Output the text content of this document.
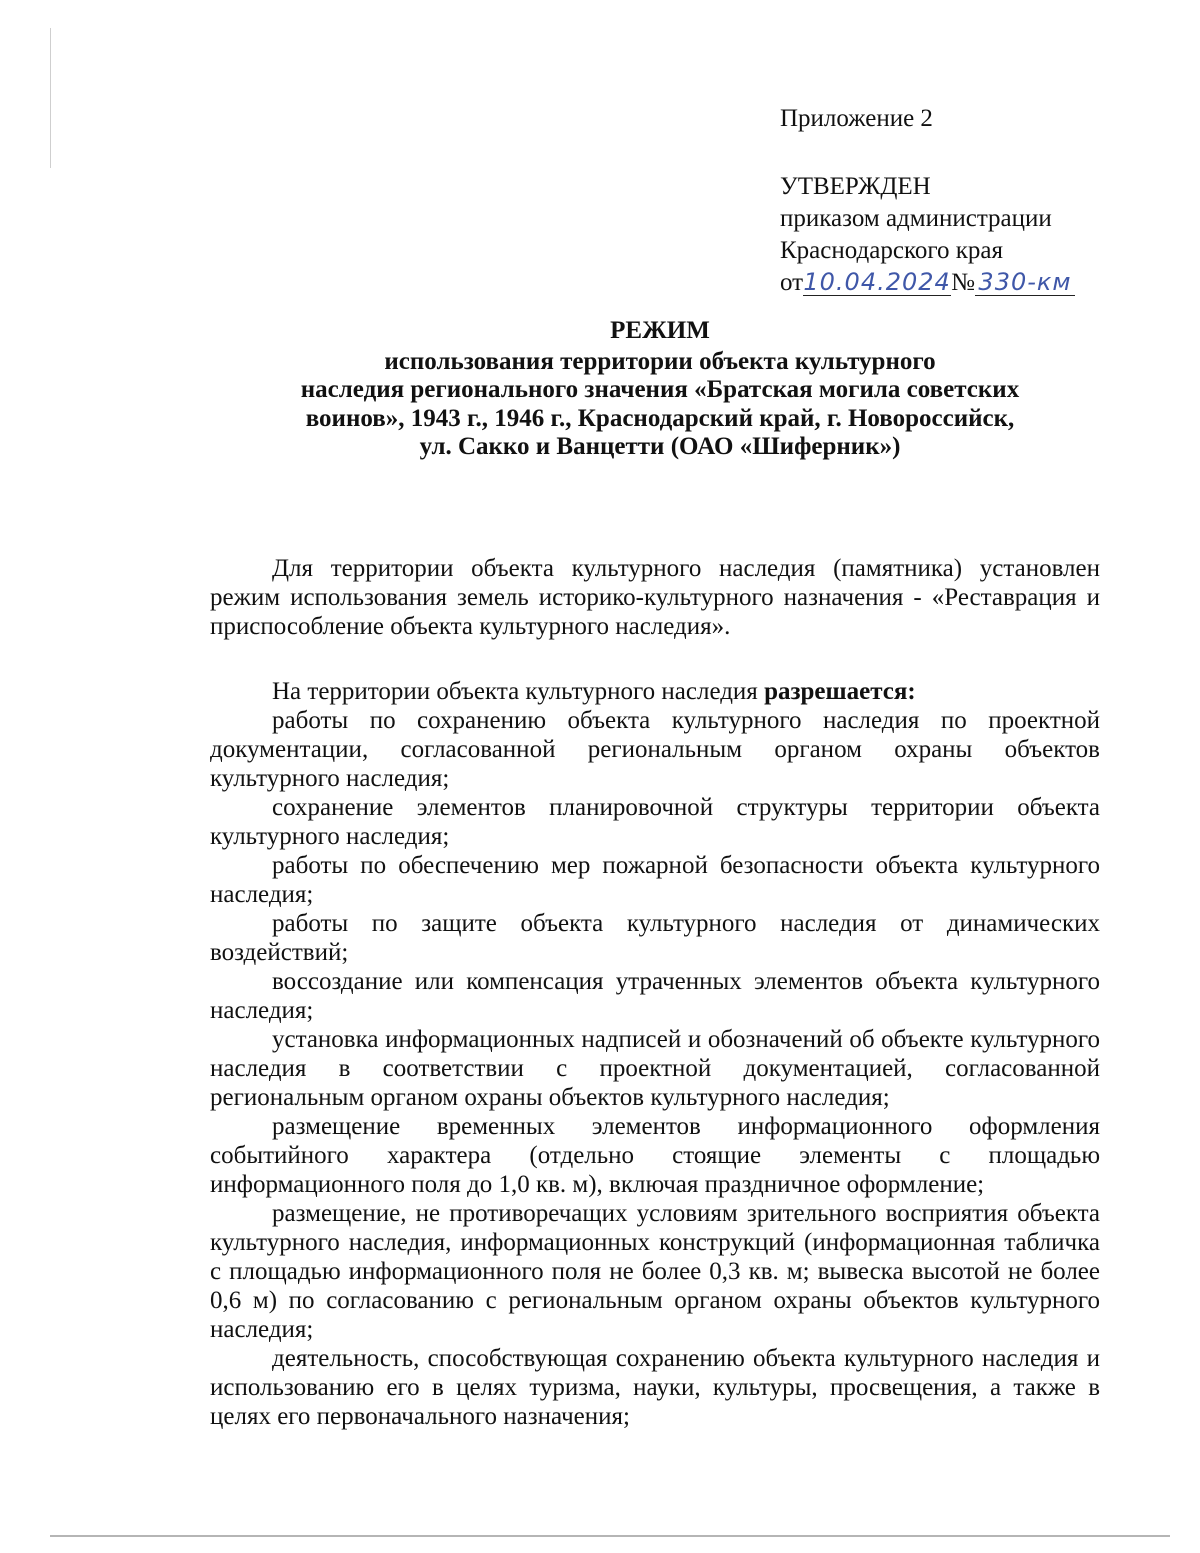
Приложение 2
УТВЕРЖДЕН
приказом администрации
Краснодарского края
от10.04.2024№ 330-км
РЕЖИМ
использования территории объекта культурного
наследия регионального значения «Братская могила советских
воинов», 1943 г., 1946 г., Краснодарский край, г. Новороссийск,
ул. Сакко и Ванцетти (ОАО «Шиферник»)

Для территории объекта культурного наследия (памятника) установлен режим использования земель историко-культурного назначения - «Реставрация и приспособление объекта культурного наследия».

На территории объекта культурного наследия разрешается:

работы по сохранению объекта культурного наследия по проектной документации, согласованной региональным органом охраны объектов культурного наследия;

сохранение элементов планировочной структуры территории объекта культурного наследия;

работы по обеспечению мер пожарной безопасности объекта культурного наследия;

работы по защите объекта культурного наследия от динамических воздействий;

воссоздание или компенсация утраченных элементов объекта культурного наследия;

установка информационных надписей и обозначений об объекте культурного наследия в соответствии с проектной документацией, согласованной региональным органом охраны объектов культурного наследия;

размещение временных элементов информационного оформления событийного характера (отдельно стоящие элементы с площадью информационного поля до 1,0 кв. м), включая праздничное оформление;

размещение, не противоречащих условиям зрительного восприятия объекта культурного наследия, информационных конструкций (информационная табличка с площадью информационного поля не более 0,3 кв. м; вывеска высотой не более 0,6 м) по согласованию с региональным органом охраны объектов культурного наследия;

деятельность, способствующая сохранению объекта культурного наследия и использованию его в целях туризма, науки, культуры, просвещения, а также в целях его первоначального назначения;
